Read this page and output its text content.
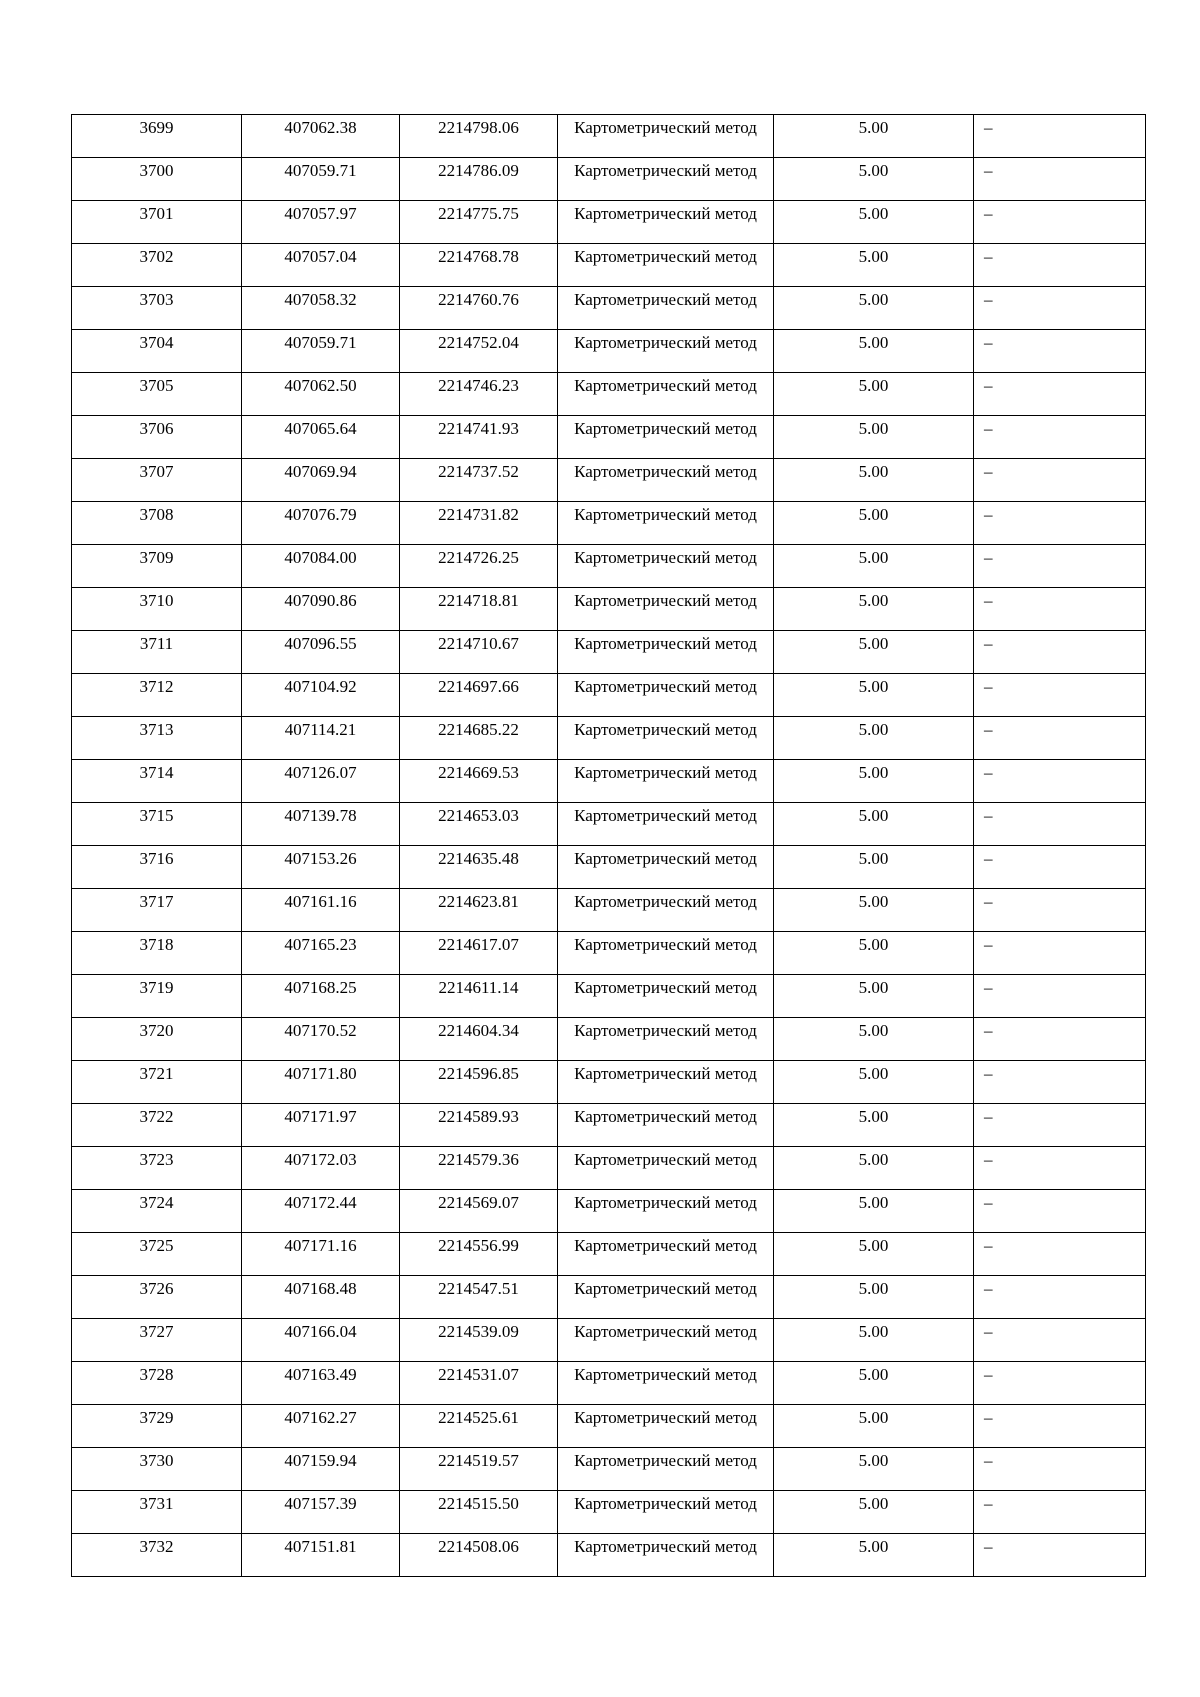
3699	407062.38	2214798.06	Картометрический метод	5.00	–

3700	407059.71	2214786.09	Картометрический метод	5.00	–

3701	407057.97	2214775.75	Картометрический метод	5.00	–

3702	407057.04	2214768.78	Картометрический метод	5.00	–

3703	407058.32	2214760.76	Картометрический метод	5.00	–

3704	407059.71	2214752.04	Картометрический метод	5.00	–

3705	407062.50	2214746.23	Картометрический метод	5.00	–

3706	407065.64	2214741.93	Картометрический метод	5.00	–

3707	407069.94	2214737.52	Картометрический метод	5.00	–

3708	407076.79	2214731.82	Картометрический метод	5.00	–

3709	407084.00	2214726.25	Картометрический метод	5.00	–

3710	407090.86	2214718.81	Картометрический метод	5.00	–

3711	407096.55	2214710.67	Картометрический метод	5.00	–

3712	407104.92	2214697.66	Картометрический метод	5.00	–

3713	407114.21	2214685.22	Картометрический метод	5.00	–

3714	407126.07	2214669.53	Картометрический метод	5.00	–

3715	407139.78	2214653.03	Картометрический метод	5.00	–

3716	407153.26	2214635.48	Картометрический метод	5.00	–

3717	407161.16	2214623.81	Картометрический метод	5.00	–

3718	407165.23	2214617.07	Картометрический метод	5.00	–

3719	407168.25	2214611.14	Картометрический метод	5.00	–

3720	407170.52	2214604.34	Картометрический метод	5.00	–

3721	407171.80	2214596.85	Картометрический метод	5.00	–

3722	407171.97	2214589.93	Картометрический метод	5.00	–

3723	407172.03	2214579.36	Картометрический метод	5.00	–

3724	407172.44	2214569.07	Картометрический метод	5.00	–

3725	407171.16	2214556.99	Картометрический метод	5.00	–

3726	407168.48	2214547.51	Картометрический метод	5.00	–

3727	407166.04	2214539.09	Картометрический метод	5.00	–

3728	407163.49	2214531.07	Картометрический метод	5.00	–

3729	407162.27	2214525.61	Картометрический метод	5.00	–

3730	407159.94	2214519.57	Картометрический метод	5.00	–

3731	407157.39	2214515.50	Картометрический метод	5.00	–

3732	407151.81	2214508.06	Картометрический метод	5.00	–
